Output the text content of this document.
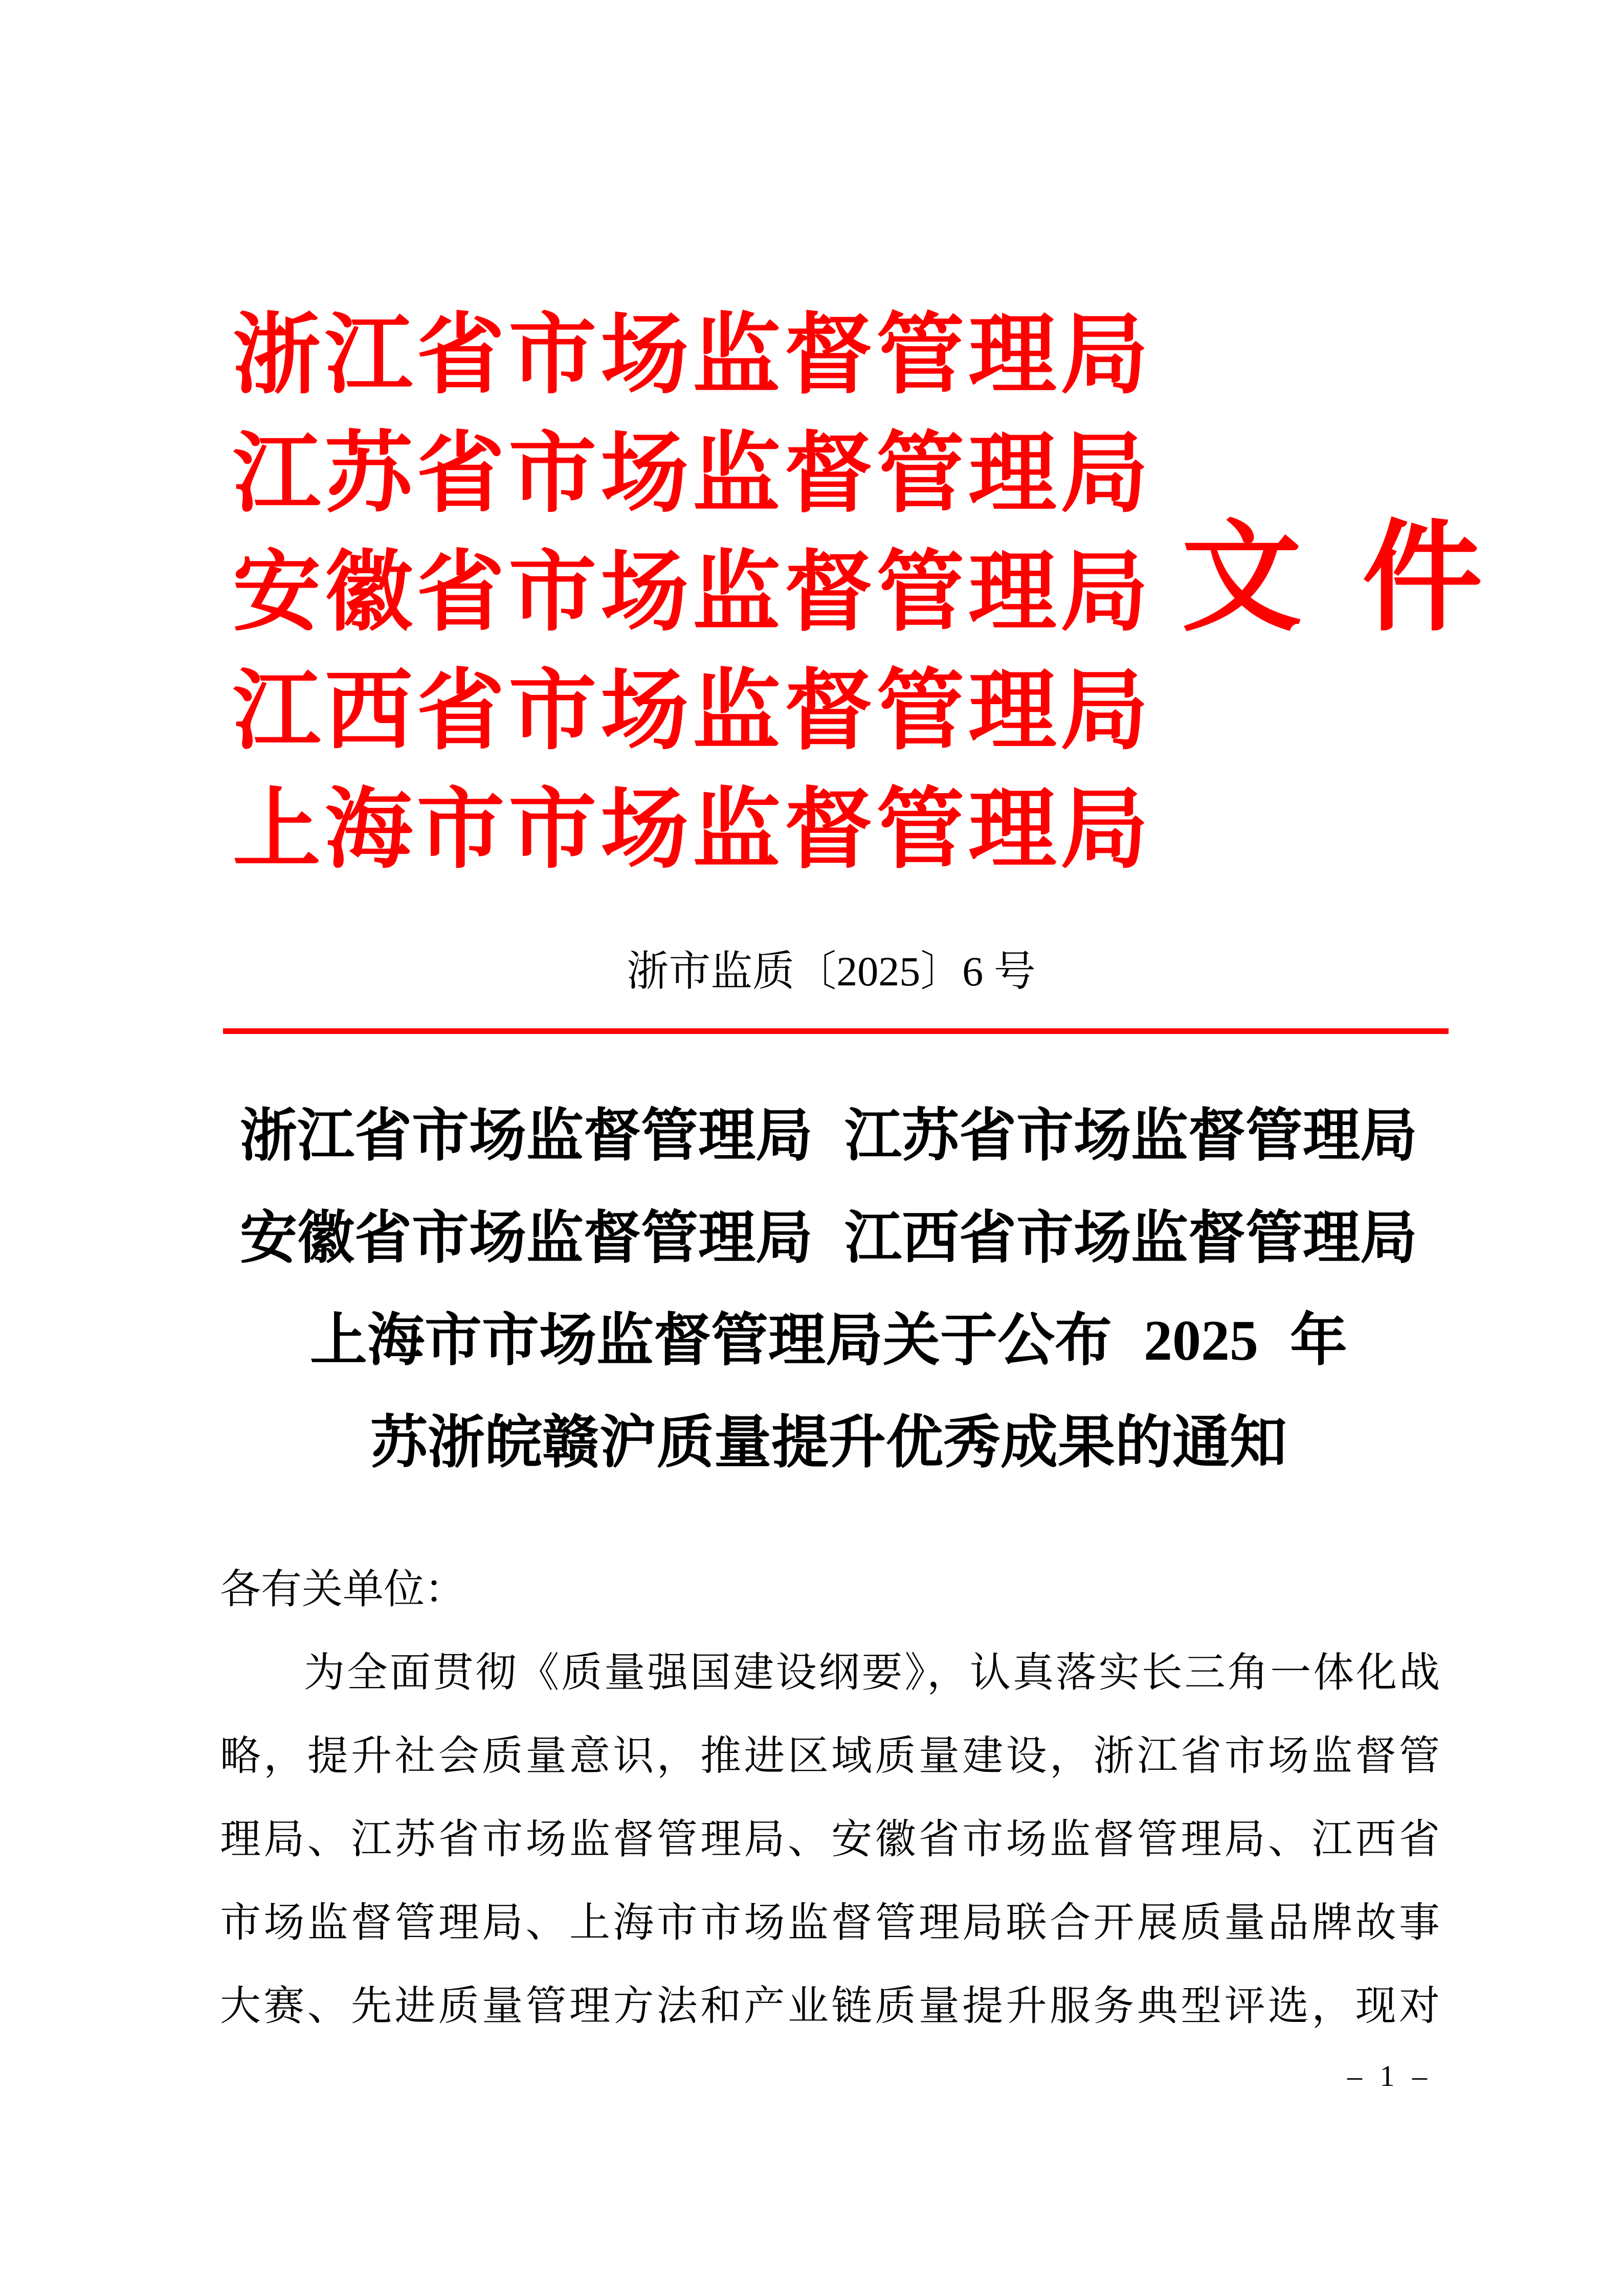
浙江省市场监督管理局
江苏省市场监督管理局
安徽省市场监督管理局
江西省市场监督管理局
上海市市场监督管理局
文件
浙市监质〔2025〕6 号
浙江省市场监督管理局 江苏省市场监督管理局
安徽省市场监督管理局 江西省市场监督管理局
上海市市场监督管理局关于公布 2025 年
苏浙皖赣沪质量提升优秀成果的通知
各有关单位：
为全面贯彻《质量强国建设纲要》，认真落实长三角一体化战
略，提升社会质量意识，推进区域质量建设，浙江省市场监督管
理局、江苏省市场监督管理局、安徽省市场监督管理局、江西省
市场监督管理局、上海市市场监督管理局联合开展质量品牌故事
大赛、先进质量管理方法和产业链质量提升服务典型评选，现对
– 1 –
